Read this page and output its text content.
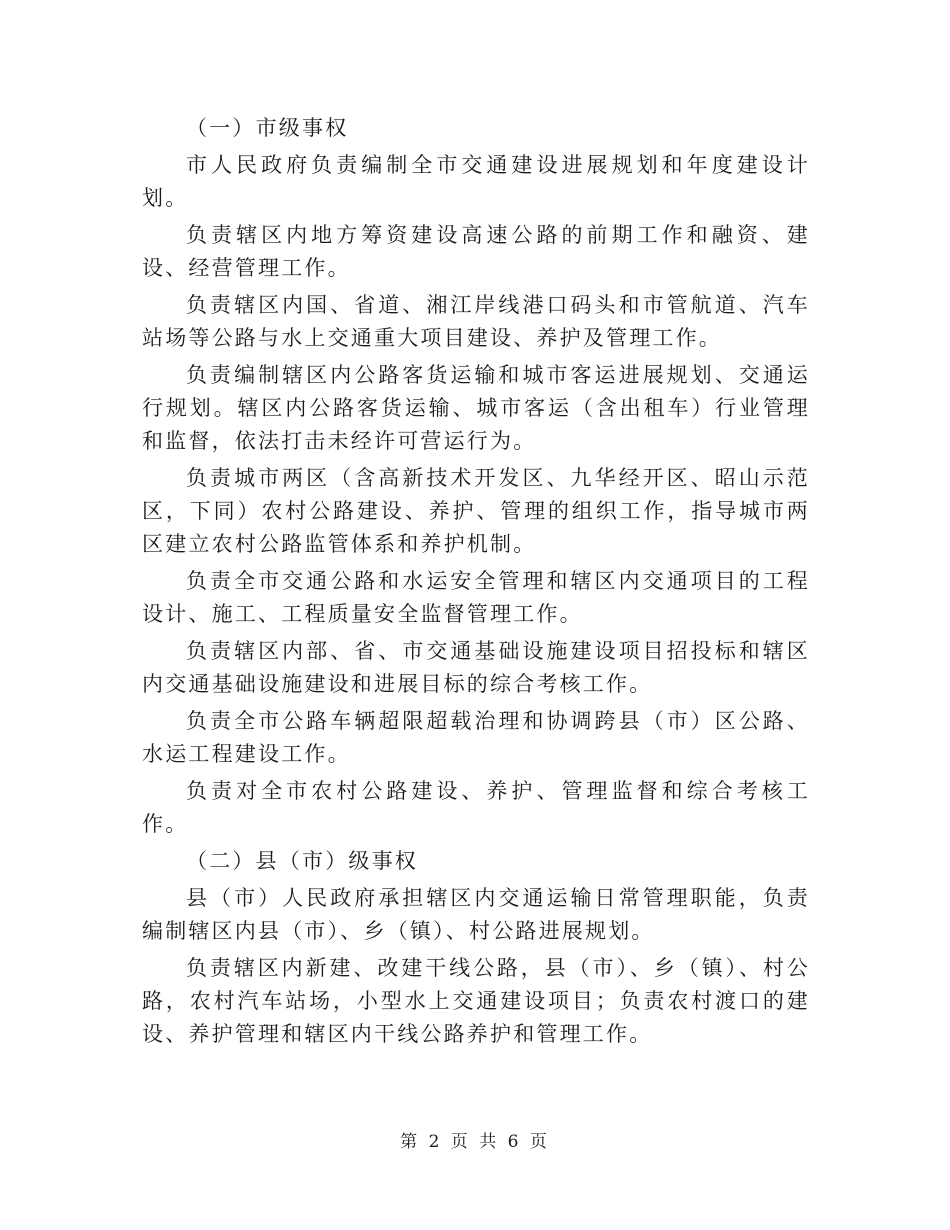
（一）市级事权

市人民政府负责编制全市交通建设进展规划和年度建设计划。

负责辖区内地方筹资建设高速公路的前期工作和融资、建设、经营管理工作。

负责辖区内国、省道、湘江岸线港口码头和市管航道、汽车站场等公路与水上交通重大项目建设、养护及管理工作。

负责编制辖区内公路客货运输和城市客运进展规划、交通运行规划。辖区内公路客货运输、城市客运（含出租车）行业管理和监督，依法打击未经许可营运行为。

负责城市两区（含高新技术开发区、九华经开区、昭山示范区，下同）农村公路建设、养护、管理的组织工作，指导城市两区建立农村公路监管体系和养护机制。

负责全市交通公路和水运安全管理和辖区内交通项目的工程设计、施工、工程质量安全监督管理工作。

负责辖区内部、省、市交通基础设施建设项目招投标和辖区内交通基础设施建设和进展目标的综合考核工作。

负责全市公路车辆超限超载治理和协调跨县（市）区公路、水运工程建设工作。

负责对全市农村公路建设、养护、管理监督和综合考核工作。

（二）县（市）级事权

县（市）人民政府承担辖区内交通运输日常管理职能，负责编制辖区内县（市）、乡（镇）、村公路进展规划。

负责辖区内新建、改建干线公路，县（市）、乡（镇）、村公路，农村汽车站场，小型水上交通建设项目；负责农村渡口的建设、养护管理和辖区内干线公路养护和管理工作。

第 2 页 共 6 页
